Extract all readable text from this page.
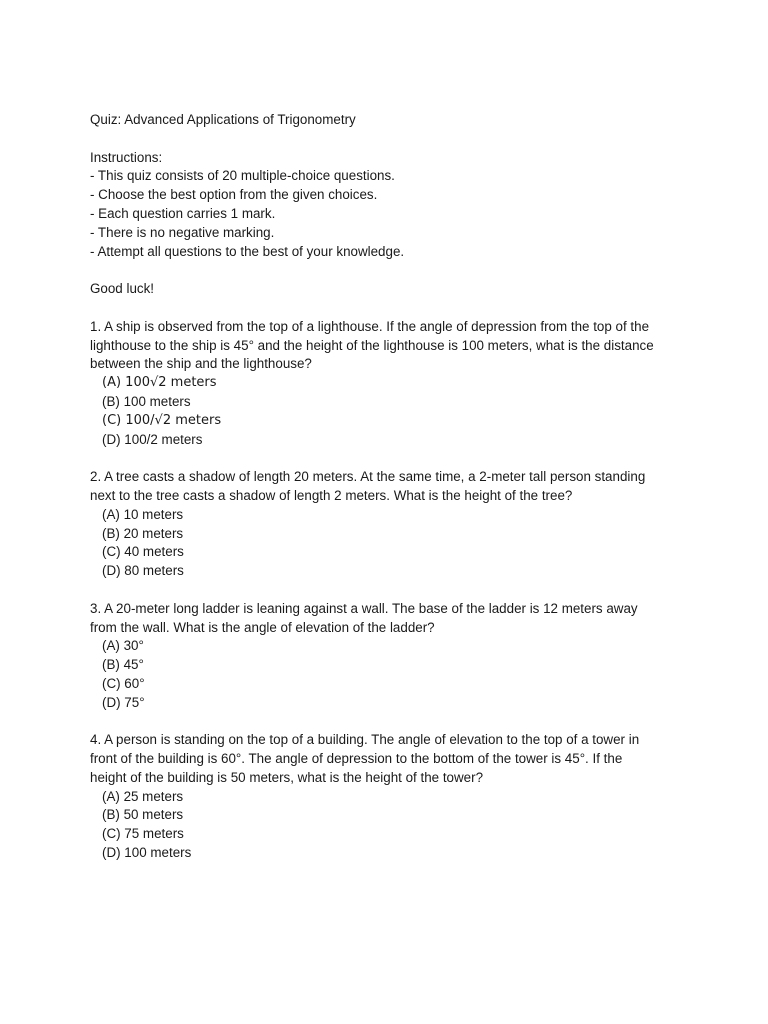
Quiz: Advanced Applications of Trigonometry
Instructions:
- This quiz consists of 20 multiple-choice questions.
- Choose the best option from the given choices.
- Each question carries 1 mark.
- There is no negative marking.
- Attempt all questions to the best of your knowledge.
Good luck!
1. A ship is observed from the top of a lighthouse. If the angle of depression from the top of the
lighthouse to the ship is 45° and the height of the lighthouse is 100 meters, what is the distance
between the ship and the lighthouse?
(A) 100√2 meters
(B) 100 meters
(C) 100/√2 meters
(D) 100/2 meters
2. A tree casts a shadow of length 20 meters. At the same time, a 2-meter tall person standing
next to the tree casts a shadow of length 2 meters. What is the height of the tree?
(A) 10 meters
(B) 20 meters
(C) 40 meters
(D) 80 meters
3. A 20-meter long ladder is leaning against a wall. The base of the ladder is 12 meters away
from the wall. What is the angle of elevation of the ladder?
(A) 30°
(B) 45°
(C) 60°
(D) 75°
4. A person is standing on the top of a building. The angle of elevation to the top of a tower in
front of the building is 60°. The angle of depression to the bottom of the tower is 45°. If the
height of the building is 50 meters, what is the height of the tower?
(A) 25 meters
(B) 50 meters
(C) 75 meters
(D) 100 meters
